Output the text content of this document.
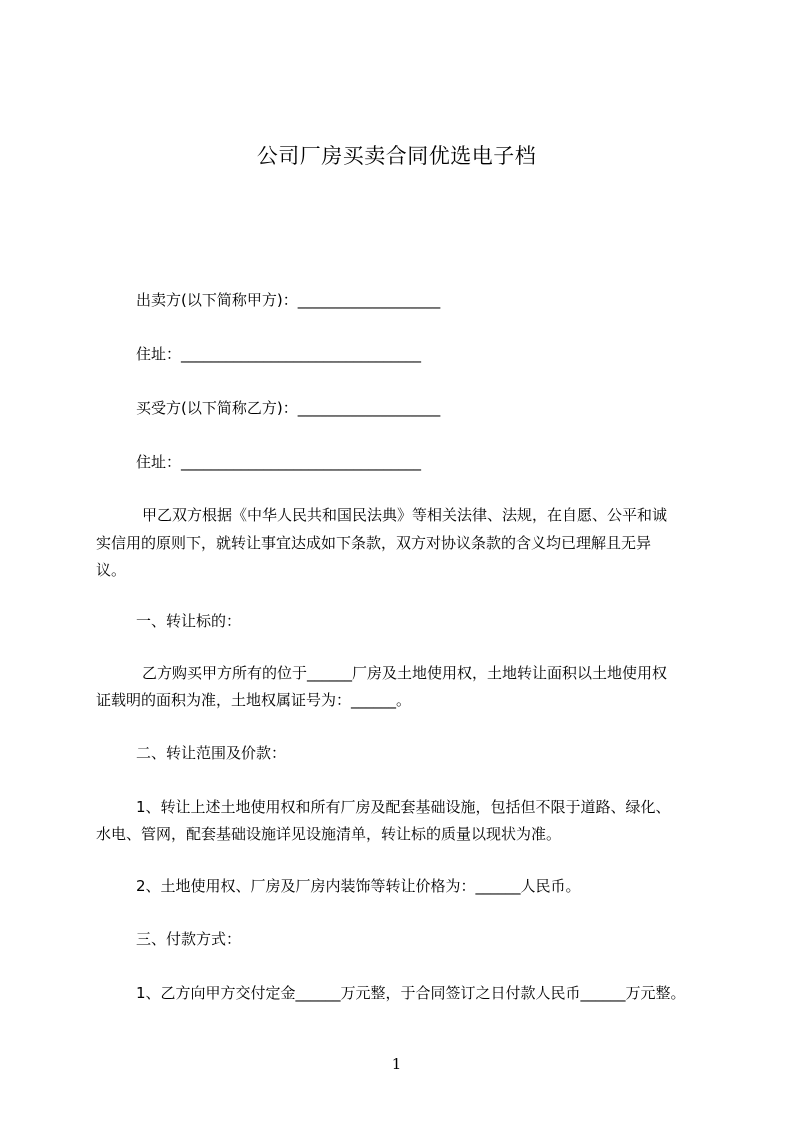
公司厂房买卖合同优选电子档
出卖方(以下简称甲方)：___________________
住址：________________________________
买受方(以下简称乙方)：___________________
住址：________________________________
甲乙双方根据《中华人民共和国民法典》等相关法律、法规，在自愿、公平和诚
实信用的原则下，就转让事宜达成如下条款，双方对协议条款的含义均已理解且无异
议。
一、转让标的：
乙方购买甲方所有的位于______厂房及土地使用权，土地转让面积以土地使用权
证载明的面积为准，土地权属证号为：______。
二、转让范围及价款：
1、转让上述土地使用权和所有厂房及配套基础设施，包括但不限于道路、绿化、
水电、管网，配套基础设施详见设施清单，转让标的质量以现状为准。
2、土地使用权、厂房及厂房内装饰等转让价格为：______人民币。
三、付款方式：
1、乙方向甲方交付定金______万元整，于合同签订之日付款人民币______万元整。
1
